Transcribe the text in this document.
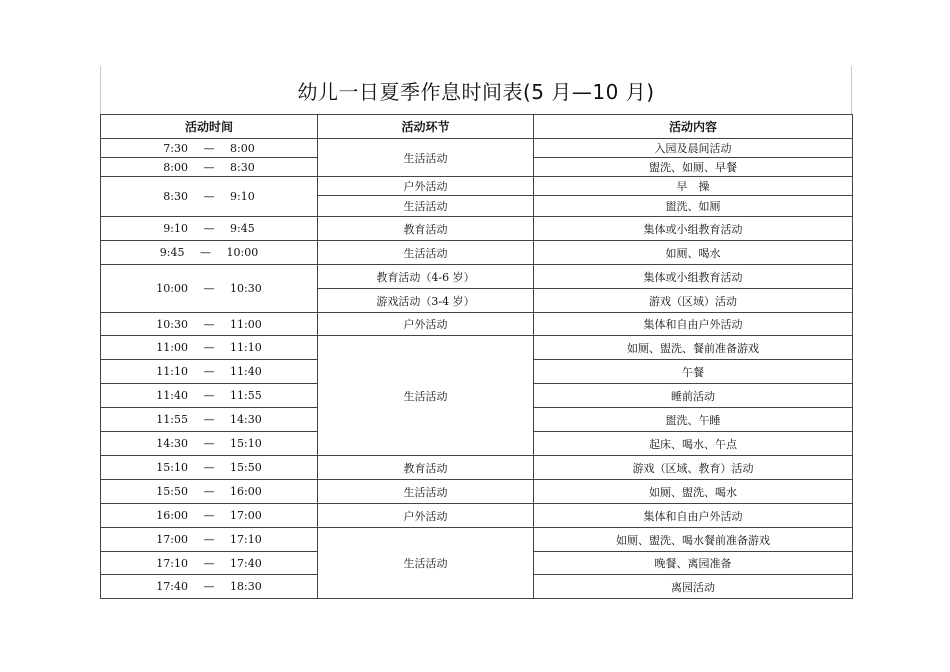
幼儿一日夏季作息时间表(5 月—10 月)
活动时间	活动环节	活动内容
7:30 — 8:00	生活活动	入园及晨间活动
8:00 — 8:30		盥洗、如厕、早餐
8:30 — 9:10	户外活动	早　操
	生活活动	盥洗、如厕
9:10 — 9:45	教育活动	集体或小组教育活动
9:45 — 10:00	生活活动	如厕、喝水
10:00 — 10:30	教育活动（4-6 岁）	集体或小组教育活动
	游戏活动（3-4 岁）	游戏（区域）活动
10:30 — 11:00	户外活动	集体和自由户外活动
11:00 — 11:10	生活活动	如厕、盥洗、餐前准备游戏
11:10 — 11:40		午餐
11:40 — 11:55		睡前活动
11:55 — 14:30		盥洗、午睡
14:30 — 15:10		起床、喝水、午点
15:10 — 15:50	教育活动	游戏（区域、教育）活动
15:50 — 16:00	生活活动	如厕、盥洗、喝水
16:00 — 17:00	户外活动	集体和自由户外活动
17:00 — 17:10	生活活动	如厕、盥洗、喝水餐前准备游戏
17:10 — 17:40		晚餐、离园准备
17:40 — 18:30		离园活动
